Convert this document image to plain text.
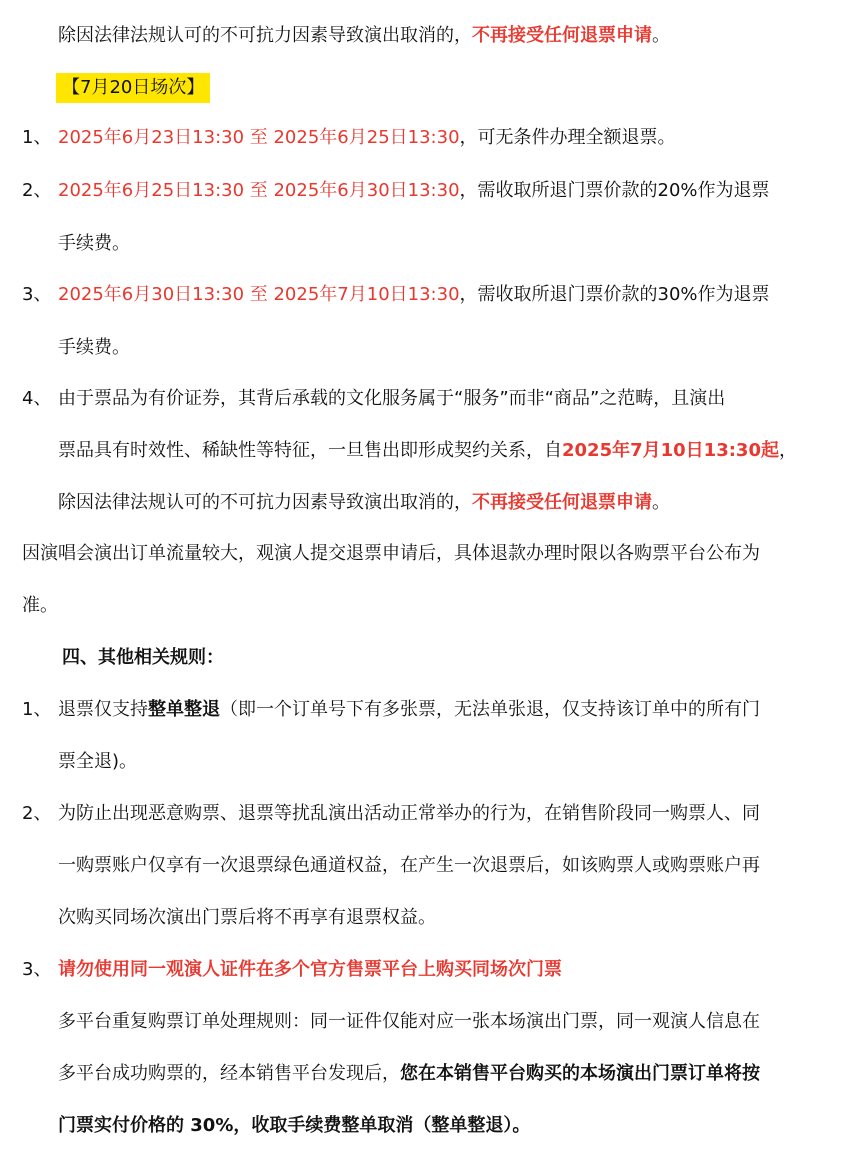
除因法律法规认可的不可抗力因素导致演出取消的，不再接受任何退票申请。
【7月20日场次】
1、 2025年6月23日13:30 至 2025年6月25日13:30，可无条件办理全额退票。
2、 2025年6月25日13:30 至 2025年6月30日13:30，需收取所退门票价款的20%作为退票
手续费。
3、 2025年6月30日13:30 至 2025年7月10日13:30，需收取所退门票价款的30%作为退票
手续费。
4、 由于票品为有价证券，其背后承载的文化服务属于“服务”而非“商品”之范畴，且演出
票品具有时效性、稀缺性等特征，一旦售出即形成契约关系，自2025年7月10日13:30起，
除因法律法规认可的不可抗力因素导致演出取消的，不再接受任何退票申请。
因演唱会演出订单流量较大，观演人提交退票申请后，具体退款办理时限以各购票平台公布为
准。
四、其他相关规则：
1、 退票仅支持整单整退（即一个订单号下有多张票，无法单张退，仅支持该订单中的所有门
票全退)。
2、 为防止出现恶意购票、退票等扰乱演出活动正常举办的行为，在销售阶段同一购票人、同
一购票账户仅享有一次退票绿色通道权益，在产生一次退票后，如该购票人或购票账户再
次购买同场次演出门票后将不再享有退票权益。
3、 请勿使用同一观演人证件在多个官方售票平台上购买同场次门票
多平台重复购票订单处理规则：同一证件仅能对应一张本场演出门票，同一观演人信息在
多平台成功购票的，经本销售平台发现后，您在本销售平台购买的本场演出门票订单将按
门票实付价格的 30%，收取手续费整单取消（整单整退）。
